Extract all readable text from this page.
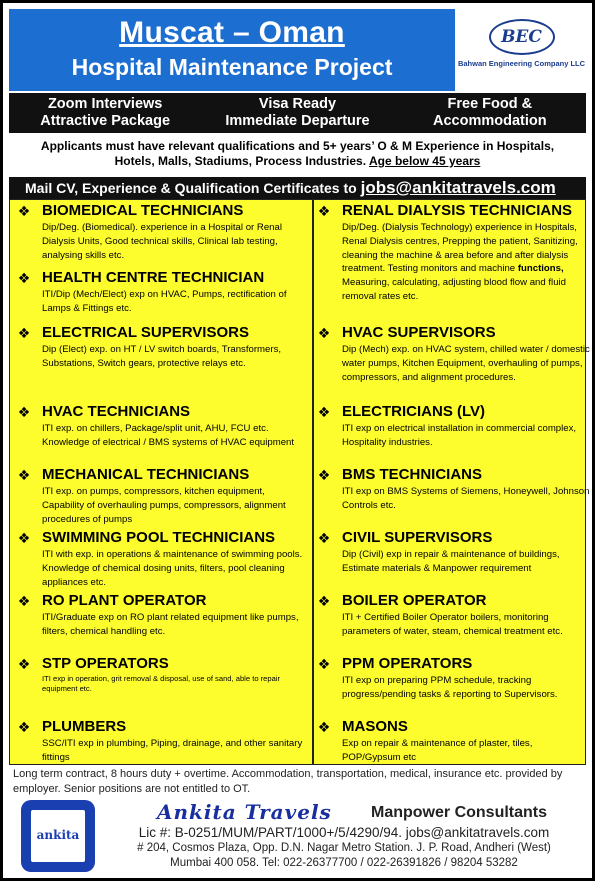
Muscat – Oman
Hospital Maintenance Project
BEC
Bahwan Engineering Company LLC
Zoom Interviews
Attractive Package
Visa Ready
Immediate Departure
Free Food &
Accommodation
Applicants must have relevant qualifications and 5+ years’ O & M Experience in Hospitals,
Hotels, Malls, Stadiums, Process Industries. Age below 45 years
Mail CV, Experience & Qualification Certificates to jobs@ankitatravels.com
❖ BIOMEDICAL TECHNICIANS
Dip/Deg. (Biomedical). experience in a Hospital or Renal Dialysis Units, Good technical skills, Clinical lab testing, analysing skills etc.
❖ HEALTH CENTRE TECHNICIAN
ITI/Dip (Mech/Elect) exp on HVAC, Pumps, rectification of Lamps & Fittings etc.
❖ ELECTRICAL SUPERVISORS
Dip (Elect) exp. on HT / LV switch boards, Transformers, Substations, Switch gears, protective relays etc.
❖ HVAC TECHNICIANS
ITI exp. on chillers, Package/split unit, AHU, FCU etc. Knowledge of electrical / BMS systems of HVAC equipment
❖ MECHANICAL TECHNICIANS
ITI exp. on pumps, compressors, kitchen equipment, Capability of overhauling pumps, compressors, alignment procedures of pumps
❖ SWIMMING POOL TECHNICIANS
ITI with exp. in operations & maintenance of swimming pools. Knowledge of chemical dosing units, filters, pool cleaning appliances etc.
❖ RO PLANT OPERATOR
ITI/Graduate exp on RO plant related equipment like pumps, filters, chemical handling etc.
❖ STP OPERATORS
ITI exp in operation, grit removal & disposal, use of sand, able to repair equipment etc.
❖ PLUMBERS
SSC/ITI exp in plumbing, Piping, drainage, and other sanitary fittings
❖ RENAL DIALYSIS TECHNICIANS
Dip/Deg. (Dialysis Technology) experience in Hospitals, Renal Dialysis centres, Prepping the patient, Sanitizing, cleaning the machine & area before and after dialysis treatment. Testing monitors and machine functions, Measuring, calculating, adjusting blood flow and fluid removal rates etc.
❖ HVAC SUPERVISORS
Dip (Mech) exp. on HVAC system, chilled water / domestic water pumps, Kitchen Equipment, overhauling of pumps, compressors, and alignment procedures.
❖ ELECTRICIANS (LV)
ITI exp on electrical installation in commercial complex, Hospitality industries.
❖ BMS TECHNICIANS
ITI exp on BMS Systems of Siemens, Honeywell, Johnson Controls etc.
❖ CIVIL SUPERVISORS
Dip (Civil) exp in repair & maintenance of buildings, Estimate materials & Manpower requirement
❖ BOILER OPERATOR
ITI + Certified Boiler Operator boilers, monitoring parameters of water, steam, chemical treatment etc.
❖ PPM OPERATORS
ITI exp on preparing PPM schedule, tracking progress/pending tasks & reporting to Supervisors.
❖ MASONS
Exp on repair & maintenance of plaster, tiles, POP/Gypsum etc
Long term contract, 8 hours duty + overtime. Accommodation, transportation, medical, insurance etc. provided by employer. Senior positions are not entitled to OT.
ankita
Ankita Travels Manpower Consultants
Lic #: B-0251/MUM/PART/1000+/5/4290/94. jobs@ankitatravels.com
# 204, Cosmos Plaza, Opp. D.N. Nagar Metro Station. J. P. Road, Andheri (West)
Mumbai 400 058. Tel: 022-26377700 / 022-26391826 / 98204 53282
